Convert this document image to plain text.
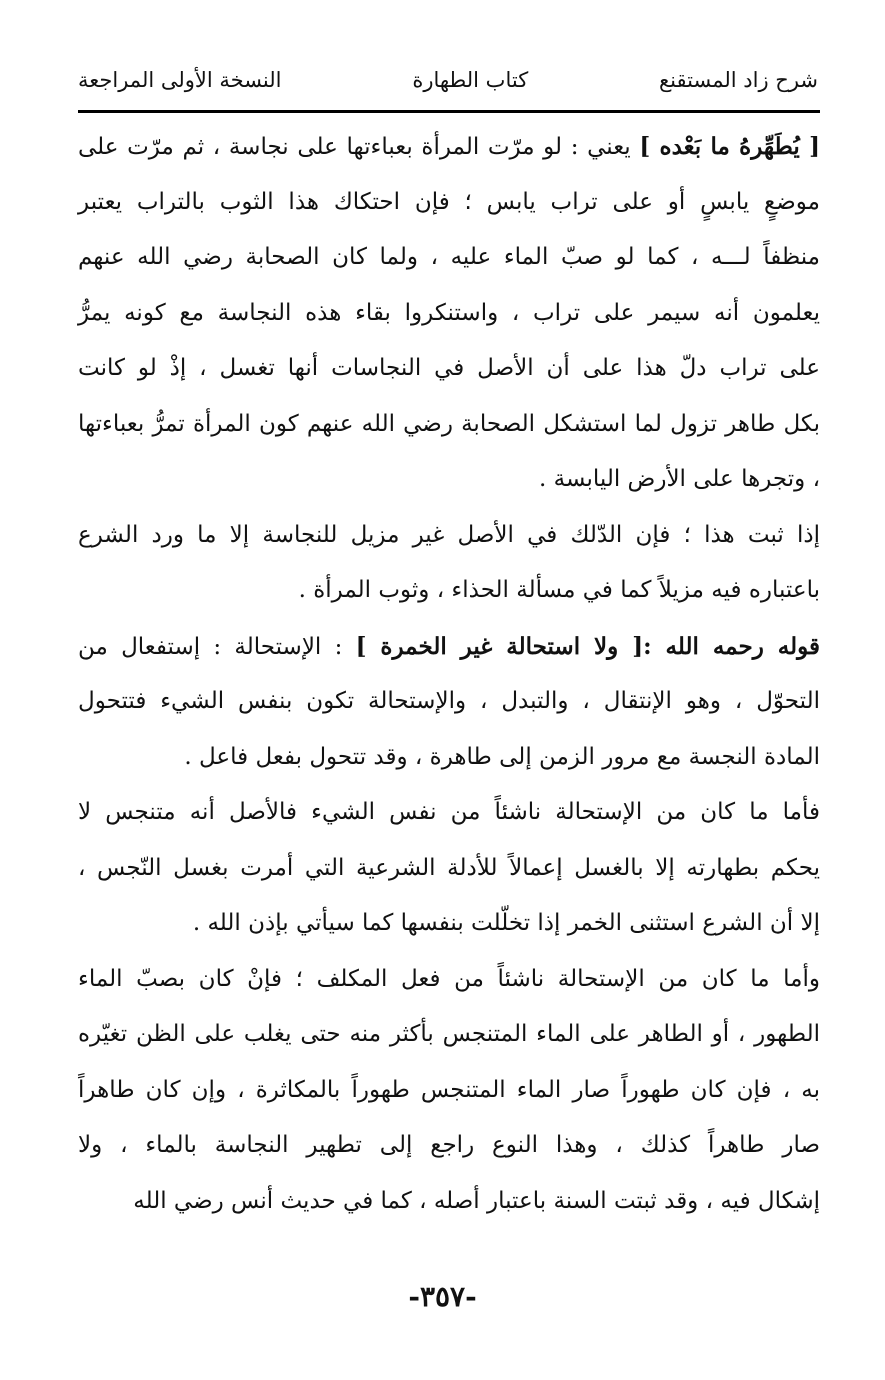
شرح زاد المستقنع
كتاب الطهارة
النسخة الأولى المراجعة
[ يُطَهِّرهُ ما بَعْده ] يعني : لو مرّت المرأة بعباءتها على نجاسة ، ثم مرّت على
موضعٍ يابسٍ أو على تراب يابس ؛ فإن احتكاك هذا الثوب بالتراب يعتبر
منظفاً لـــه ، كما لو صبّ الماء عليه ، ولما كان الصحابة رضي الله عنهم
يعلمون أنه سيمر على تراب ، واستنكروا بقاء هذه النجاسة مع كونه يمرُّ
على تراب دلّ هذا على أن الأصل في النجاسات أنها تغسل ، إذْ لو كانت
بكل طاهر تزول لما استشكل الصحابة رضي الله عنهم كون المرأة تمرُّ بعباءتها
، وتجرها على الأرض اليابسة .
إذا ثبت هذا ؛ فإن الدّلك في الأصل غير مزيل للنجاسة إلا ما ورد الشرع
باعتباره فيه مزيلاً كما في مسألة الحذاء ، وثوب المرأة .
قوله رحمه الله :[ ولا استحالة غير الخمرة ] : الإستحالة : إستفعال من
التحوّل ، وهو الإنتقال ، والتبدل ، والإستحالة تكون بنفس الشيء فتتحول
المادة النجسة مع مرور الزمن إلى طاهرة ، وقد تتحول بفعل فاعل .
فأما ما كان من الإستحالة ناشئاً من نفس الشيء فالأصل أنه متنجس لا
يحكم بطهارته إلا بالغسل إعمالاً للأدلة الشرعية التي أمرت بغسل النّجس ،
إلا أن الشرع استثنى الخمر إذا تخلّلت بنفسها كما سيأتي بإذن الله .
وأما ما كان من الإستحالة ناشئاً من فعل المكلف ؛ فإنْ كان بصبّ الماء
الطهور ، أو الطاهر على الماء المتنجس بأكثر منه حتى يغلب على الظن تغيّره
به ، فإن كان طهوراً صار الماء المتنجس طهوراً بالمكاثرة ، وإن كان طاهراً
صار طاهراً كذلك ، وهذا النوع راجع إلى تطهير النجاسة بالماء ، ولا
إشكال فيه ، وقد ثبتت السنة باعتبار أصله ، كما في حديث أنس رضي الله
-٣٥٧-
